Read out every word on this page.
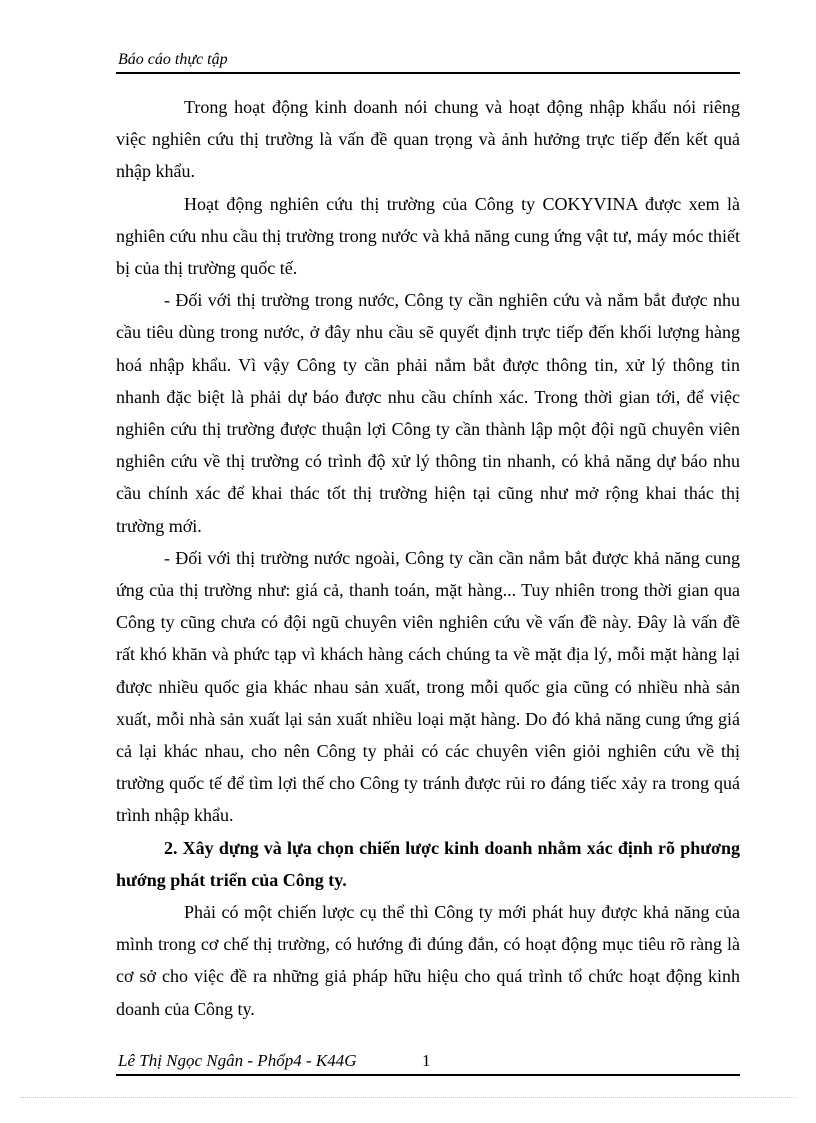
Báo cáo thực tập

Trong hoạt động kinh doanh nói chung và hoạt động nhập khẩu nói riêng việc nghiên cứu thị trường là vấn đề quan trọng và ảnh hưởng trực tiếp đến kết quả nhập khẩu.

Hoạt động nghiên cứu thị trường của Công ty COKYVINA được xem là nghiên cứu nhu cầu thị trường trong nước và khả năng cung ứng vật tư, máy móc thiết bị của thị trường quốc tế.

- Đối với thị trường trong nước, Công ty cần nghiên cứu và nắm bắt được nhu cầu tiêu dùng trong nước, ở đây nhu cầu sẽ quyết định trực tiếp đến khối lượng hàng hoá nhập khẩu. Vì vậy Công ty cần phải nắm bắt được thông tin, xử lý thông tin nhanh đặc biệt là phải dự báo được nhu cầu chính xác. Trong thời gian tới, để việc nghiên cứu thị trường được thuận lợi Công ty cần thành lập một đội ngũ chuyên viên nghiên cứu về thị trường có trình độ xử lý thông tin nhanh, có khả năng dự báo nhu cầu chính xác để khai thác tốt thị trường hiện tại cũng như mở rộng khai thác thị trường mới.

- Đối với thị trường nước ngoài, Công ty cần cần nắm bắt được khả năng cung ứng của thị trường như: giá cả, thanh toán, mặt hàng... Tuy nhiên trong thời gian qua Công ty cũng chưa có đội ngũ chuyên viên nghiên cứu về vấn đề này. Đây là vấn đề rất khó khăn và phức tạp vì khách hàng cách chúng ta về mặt địa lý, mỗi mặt hàng lại được nhiều quốc gia khác nhau sản xuất, trong mỗi quốc gia cũng có nhiều nhà sản xuất, mỗi nhà sản xuất lại sản xuất nhiều loại mặt hàng. Do đó khả năng cung ứng giá cả lại khác nhau, cho nên Công ty phải có các chuyên viên giỏi nghiên cứu về thị trường quốc tế để tìm lợi thế cho Công ty tránh được rủi ro đáng tiếc xảy ra trong quá trình nhập khẩu.

2. Xây dựng và lựa chọn chiến lược kinh doanh nhằm xác định rõ phương hướng phát triển của Công ty.

Phải có một chiến lược cụ thể thì Công ty mới phát huy được khả năng của mình trong cơ chế thị trường, có hướng đi đúng đắn, có hoạt động mục tiêu rõ ràng là cơ sở cho việc đề ra những giả pháp hữu hiệu cho quá trình tổ chức hoạt động kinh doanh của Công ty.

Lê Thị Ngọc Ngân - Phổp4 - K44G	1
